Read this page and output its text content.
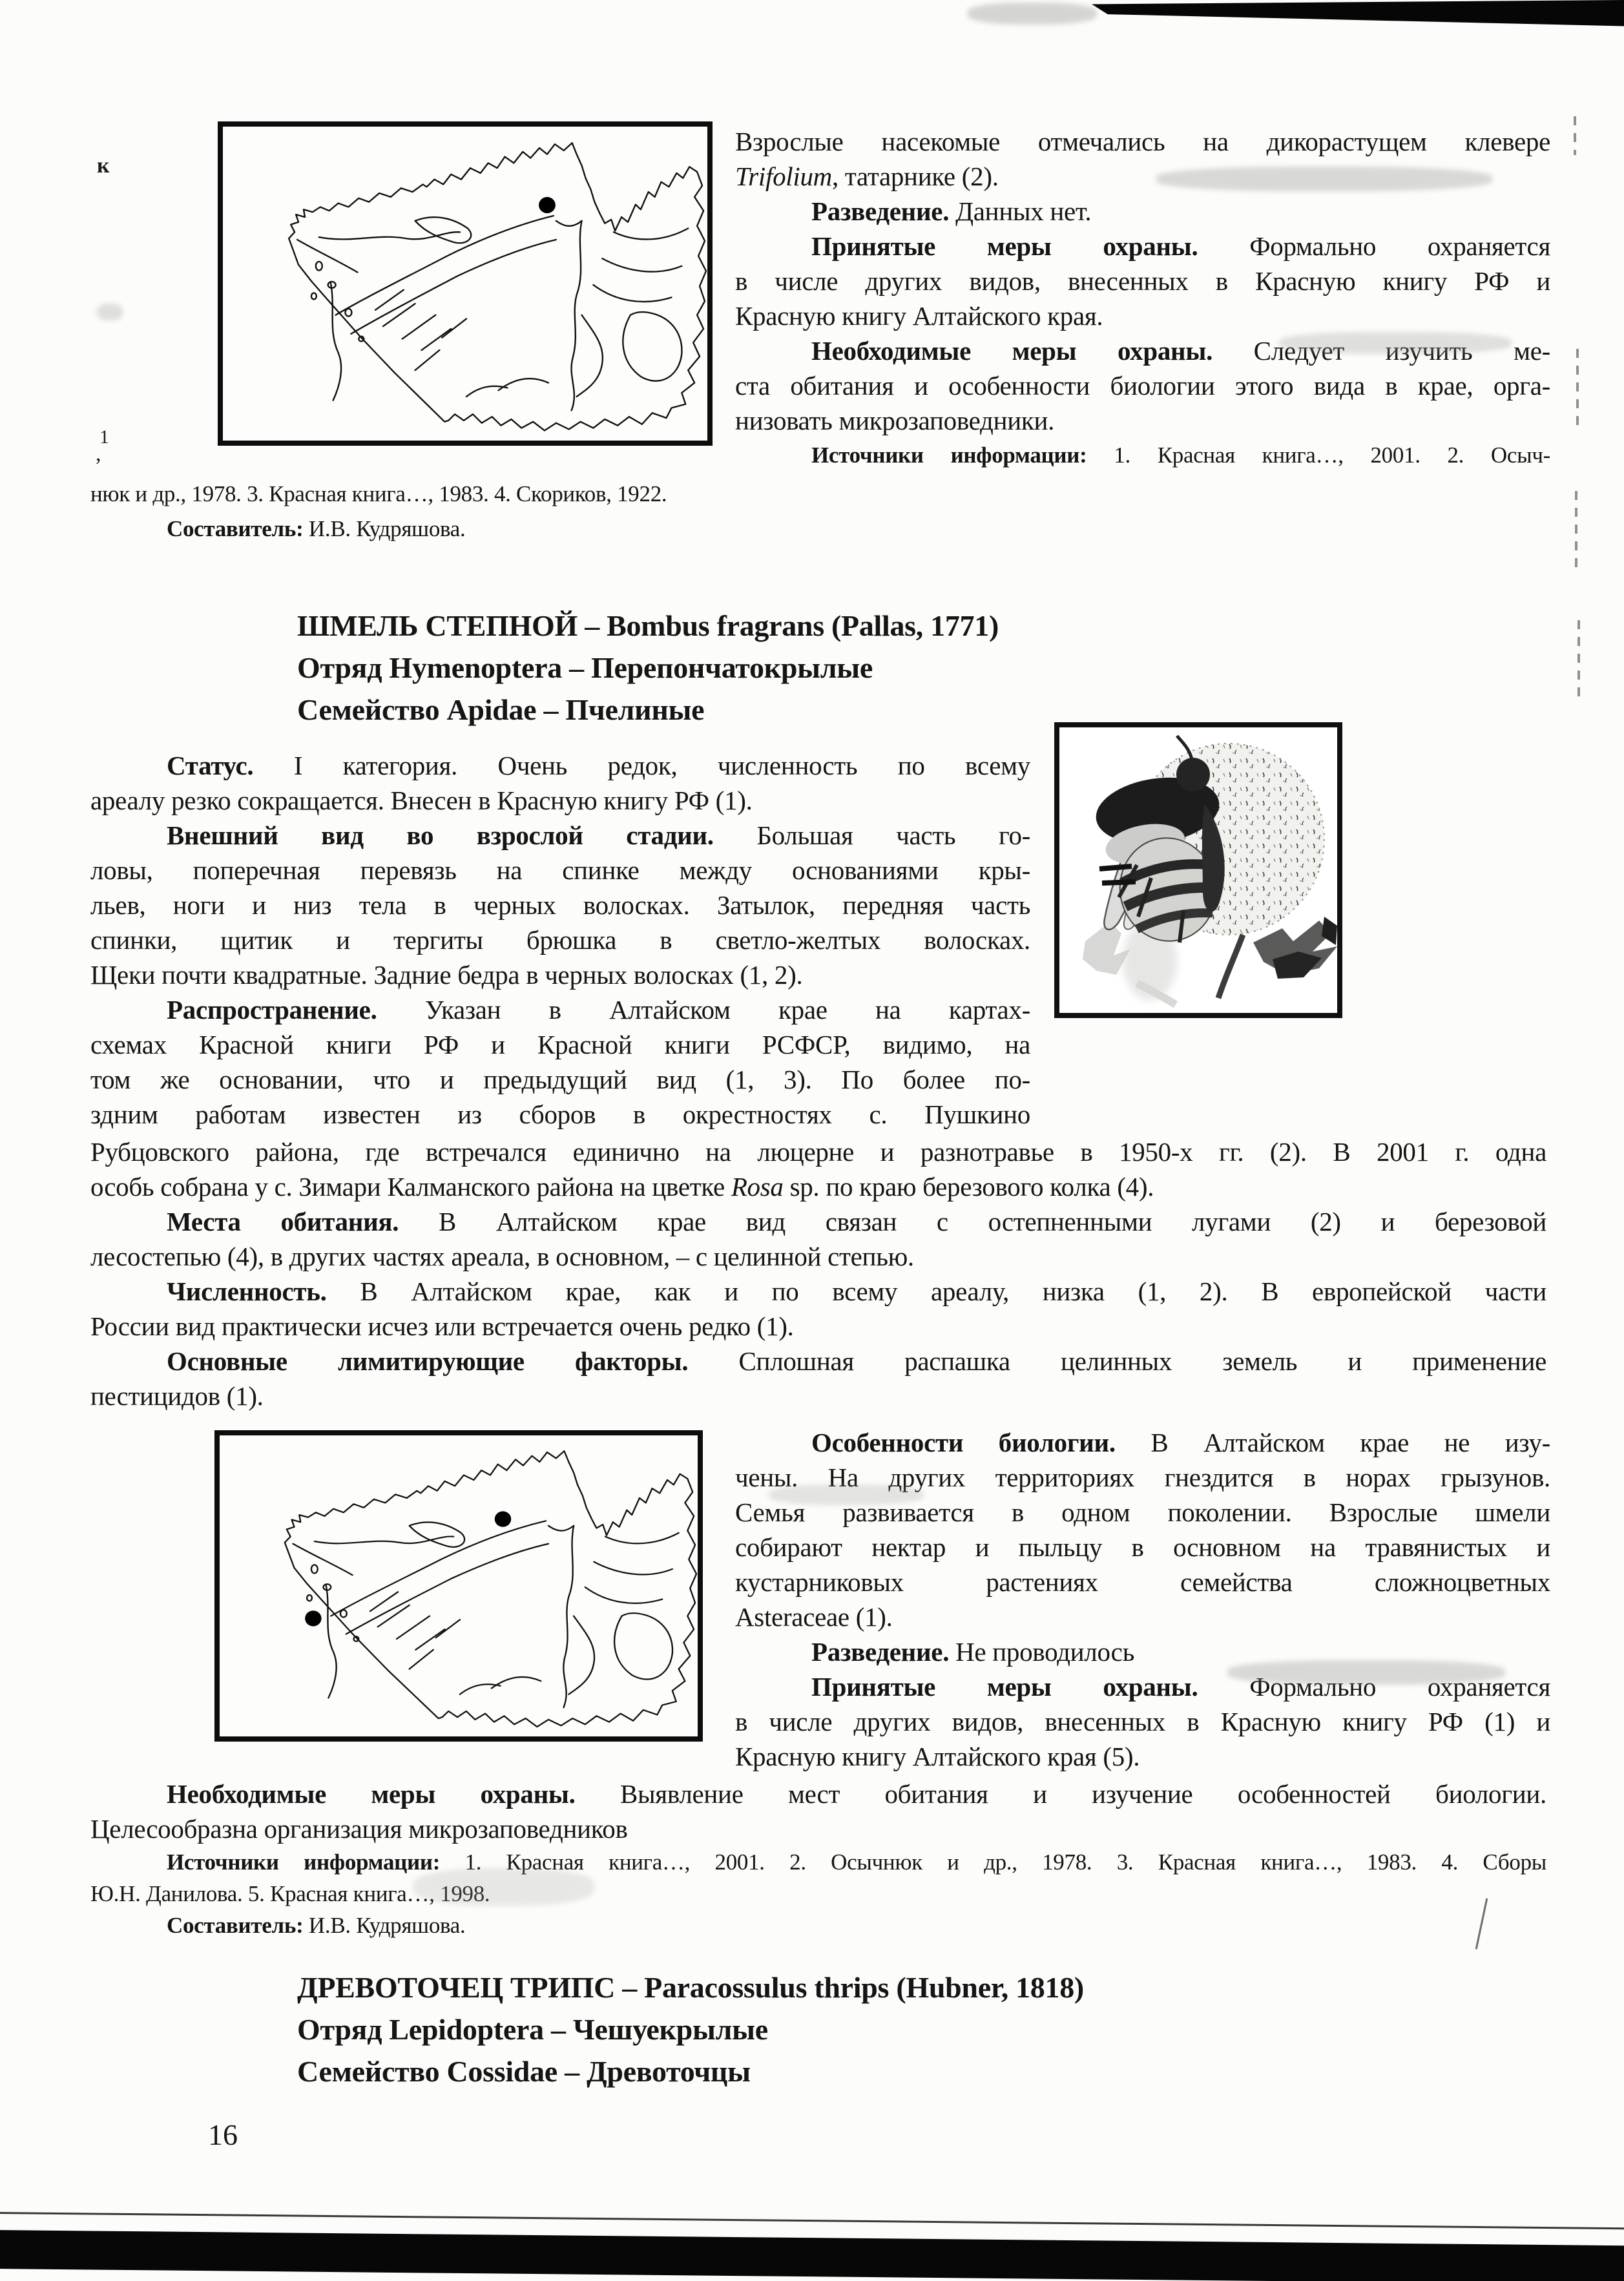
к
1
,
Взрослые насекомые отмечались на дикорастущем клевере
Trifolium, татарнике (2).
Разведение. Данных нет.
Принятые меры охраны. Формально охраняется
в числе других видов, внесенных в Красную книгу РФ и
Красную книгу Алтайского края.
Необходимые меры охраны. Следует изучить ме-
ста обитания и особенности биологии этого вида в крае, орга-
низовать микрозаповедники.
Источники информации: 1. Красная книга…, 2001. 2. Осыч-
нюк и др., 1978. 3. Красная книга…, 1983. 4. Скориков, 1922.
Составитель: И.В. Кудряшова.
ШМЕЛЬ СТЕПНОЙ – Bombus fragrans (Pallas, 1771)
Отряд Hymenoptera – Перепончатокрылые
Семейство Apidae – Пчелиные
Статус. I категория. Очень редок, численность по всему
ареалу резко сокращается. Внесен в Красную книгу РФ (1).
Внешний вид во взрослой стадии. Большая часть го-
ловы, поперечная перевязь на спинке между основаниями кры-
льев, ноги и низ тела в черных волосках. Затылок, передняя часть
спинки, щитик и тергиты брюшка в светло-желтых волосках.
Щеки почти квадратные. Задние бедра в черных волосках (1, 2).
Распространение. Указан в Алтайском крае на картах-
схемах Красной книги РФ и Красной книги РСФСР, видимо, на
том же основании, что и предыдущий вид (1, 3). По более по-
здним работам известен из сборов в окрестностях с. Пушкино
Рубцовского района, где встречался единично на люцерне и разнотравье в 1950-х гг. (2). В 2001 г. одна
особь собрана у с. Зимари Калманского района на цветке Rosa sp. по краю березового колка (4).
Места обитания. В Алтайском крае вид связан с остепненными лугами (2) и березовой
лесостепью (4), в других частях ареала, в основном, – с целинной степью.
Численность. В Алтайском крае, как и по всему ареалу, низка (1, 2). В европейской части
России вид практически исчез или встречается очень редко (1).
Основные лимитирующие факторы. Сплошная распашка целинных земель и применение
пестицидов (1).
Особенности биологии. В Алтайском крае не изу-
чены. На других территориях гнездится в норах грызунов.
Семья развивается в одном поколении. Взрослые шмели
собирают нектар и пыльцу в основном на травянистых и
кустарниковых растениях семейства сложноцветных
Asteraceae (1).
Разведение. Не проводилось
Принятые меры охраны. Формально охраняется
в числе других видов, внесенных в Красную книгу РФ (1) и
Красную книгу Алтайского края (5).
Необходимые меры охраны. Выявление мест обитания и изучение особенностей биологии.
Целесообразна организация микрозаповедников
Источники информации: 1. Красная книга…, 2001. 2. Осычнюк и др., 1978. 3. Красная книга…, 1983. 4. Сборы
Ю.Н. Данилова. 5. Красная книга…, 1998.
Составитель: И.В. Кудряшова.
ДРЕВОТОЧЕЦ ТРИПС – Paracossulus thrips (Hubner, 1818)
Отряд Lepidoptera – Чешуекрылые
Семейство Cossidae – Древоточцы
16
